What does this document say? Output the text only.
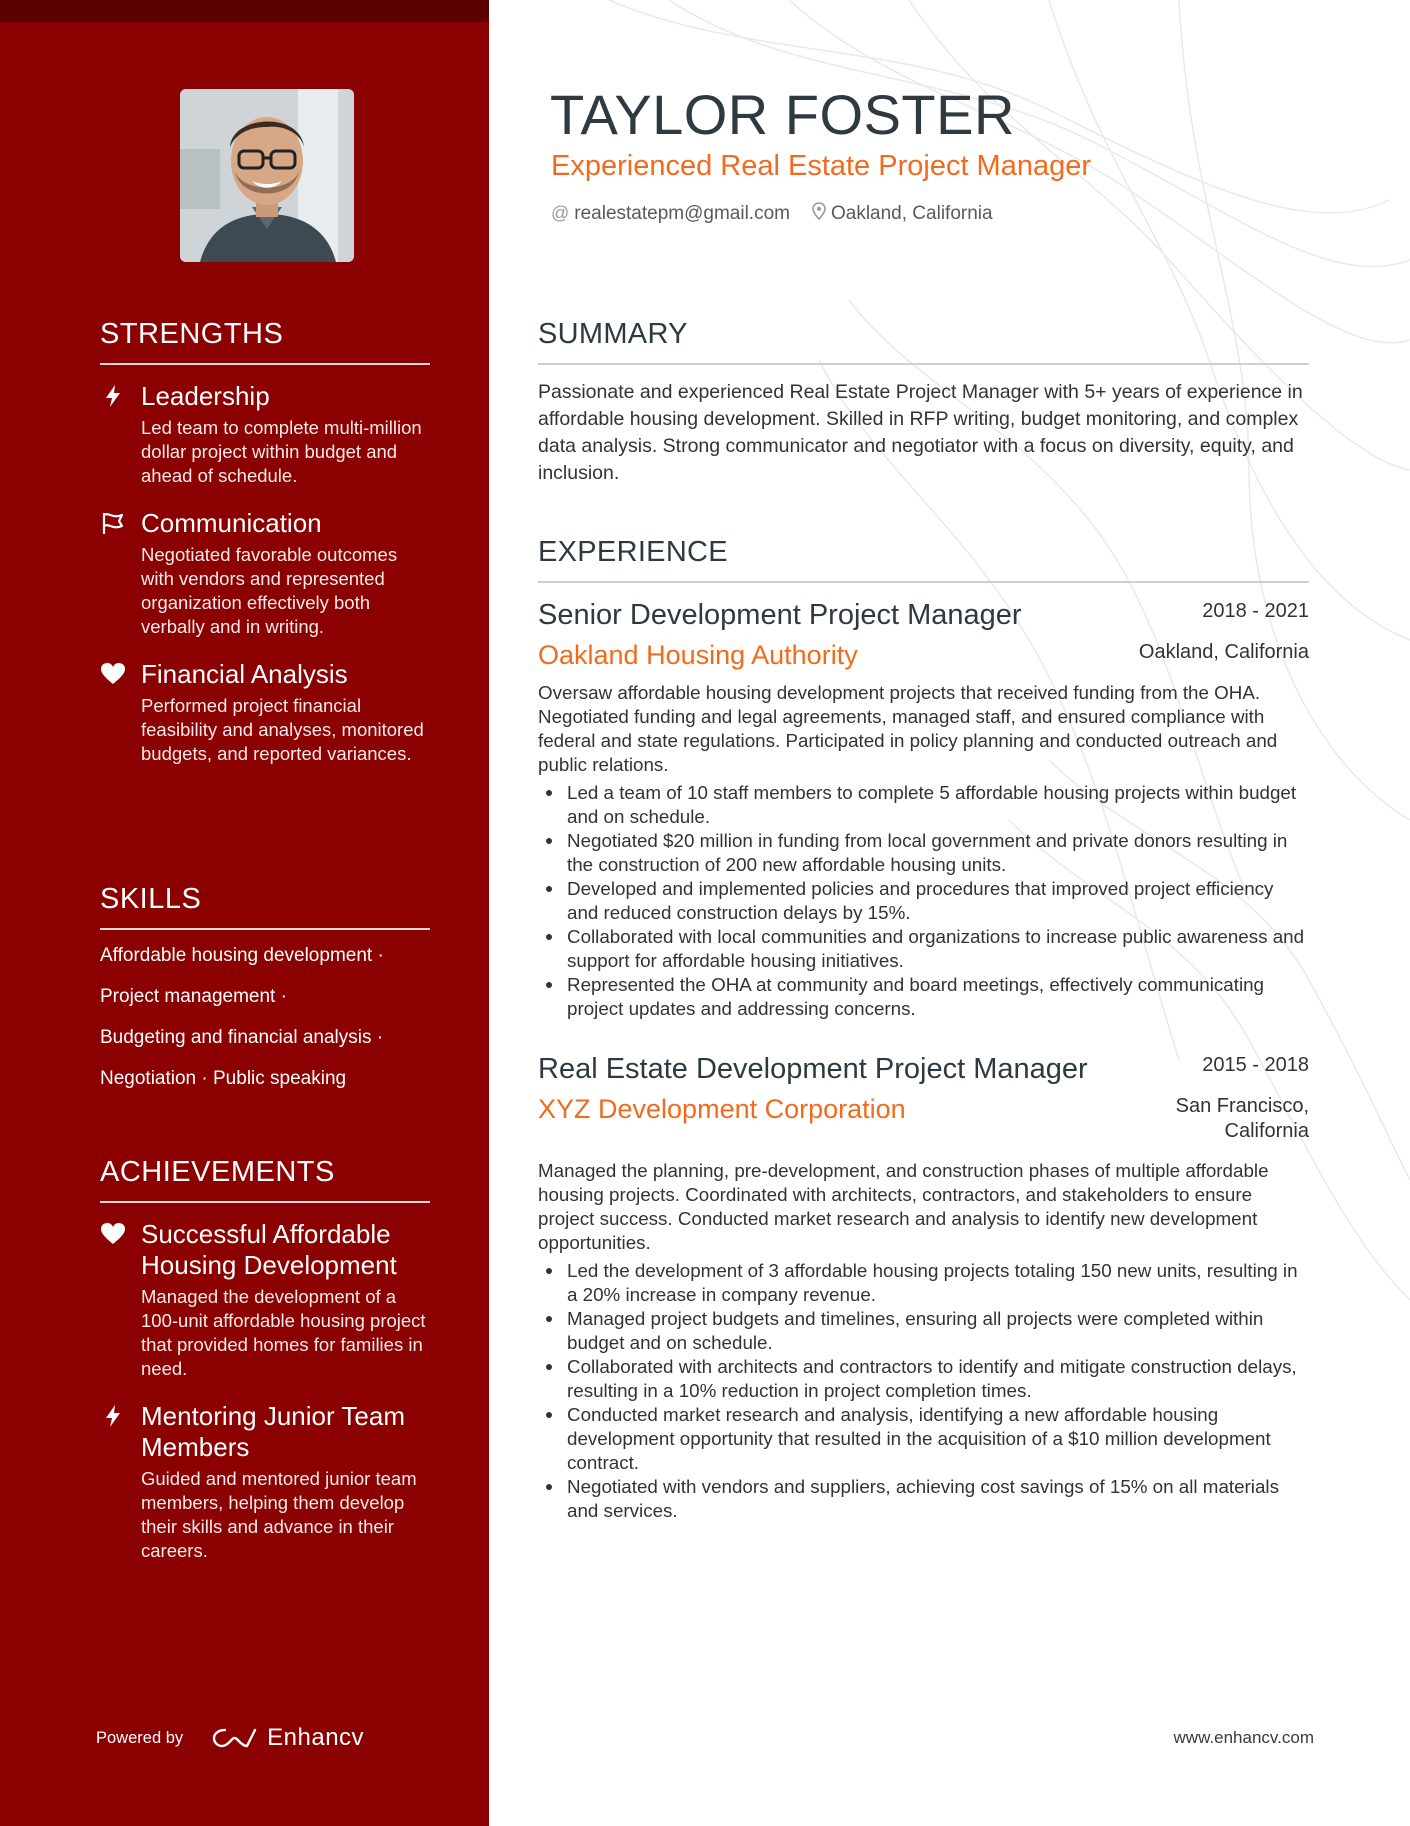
STRENGTHS

Leadership

Led team to complete multi-million dollar project within budget and ahead of schedule.

Communication

Negotiated favorable outcomes with vendors and represented organization effectively both verbally and in writing.

Financial Analysis

Performed project financial feasibility and analyses, monitored budgets, and reported variances.

SKILLS
Affordable housing development ·
Project management ·
Budgeting and financial analysis ·
Negotiation · Public speaking
ACHIEVEMENTS

Successful Affordable Housing Development

Managed the development of a 100-unit affordable housing project that provided homes for families in need.

Mentoring Junior Team Members

Guided and mentored junior team members, helping them develop their skills and advance in their careers.

Powered by	Enhancv
TAYLOR FOSTER

Experienced Real Estate Project Manager

@ realestatepm@gmail.com Oakland, California
SUMMARY

Passionate and experienced Real Estate Project Manager with 5+ years of experience in affordable housing development. Skilled in RFP writing, budget monitoring, and complex data analysis. Strong communicator and negotiator with a focus on diversity, equity, and inclusion.

EXPERIENCE

Senior Development Project Manager	2018 - 2021

Oakland Housing Authority	Oakland, California

Oversaw affordable housing development projects that received funding from the OHA. Negotiated funding and legal agreements, managed staff, and ensured compliance with federal and state regulations. Participated in policy planning and conducted outreach and public relations.

Led a team of 10 staff members to complete 5 affordable housing projects within budget and on schedule.
Negotiated $20 million in funding from local government and private donors resulting in the construction of 200 new affordable housing units.
Developed and implemented policies and procedures that improved project efficiency and reduced construction delays by 15%.
Collaborated with local communities and organizations to increase public awareness and support for affordable housing initiatives.
Represented the OHA at community and board meetings, effectively communicating project updates and addressing concerns.

Real Estate Development Project Manager	2015 - 2018

XYZ Development Corporation	San Francisco, California

Managed the planning, pre-development, and construction phases of multiple affordable housing projects. Coordinated with architects, contractors, and stakeholders to ensure project success. Conducted market research and analysis to identify new development opportunities.

Led the development of 3 affordable housing projects totaling 150 new units, resulting in a 20% increase in company revenue.
Managed project budgets and timelines, ensuring all projects were completed within budget and on schedule.
Collaborated with architects and contractors to identify and mitigate construction delays, resulting in a 10% reduction in project completion times.
Conducted market research and analysis, identifying a new affordable housing development opportunity that resulted in the acquisition of a $10 million development contract.
Negotiated with vendors and suppliers, achieving cost savings of 15% on all materials and services.
www.enhancv.com
